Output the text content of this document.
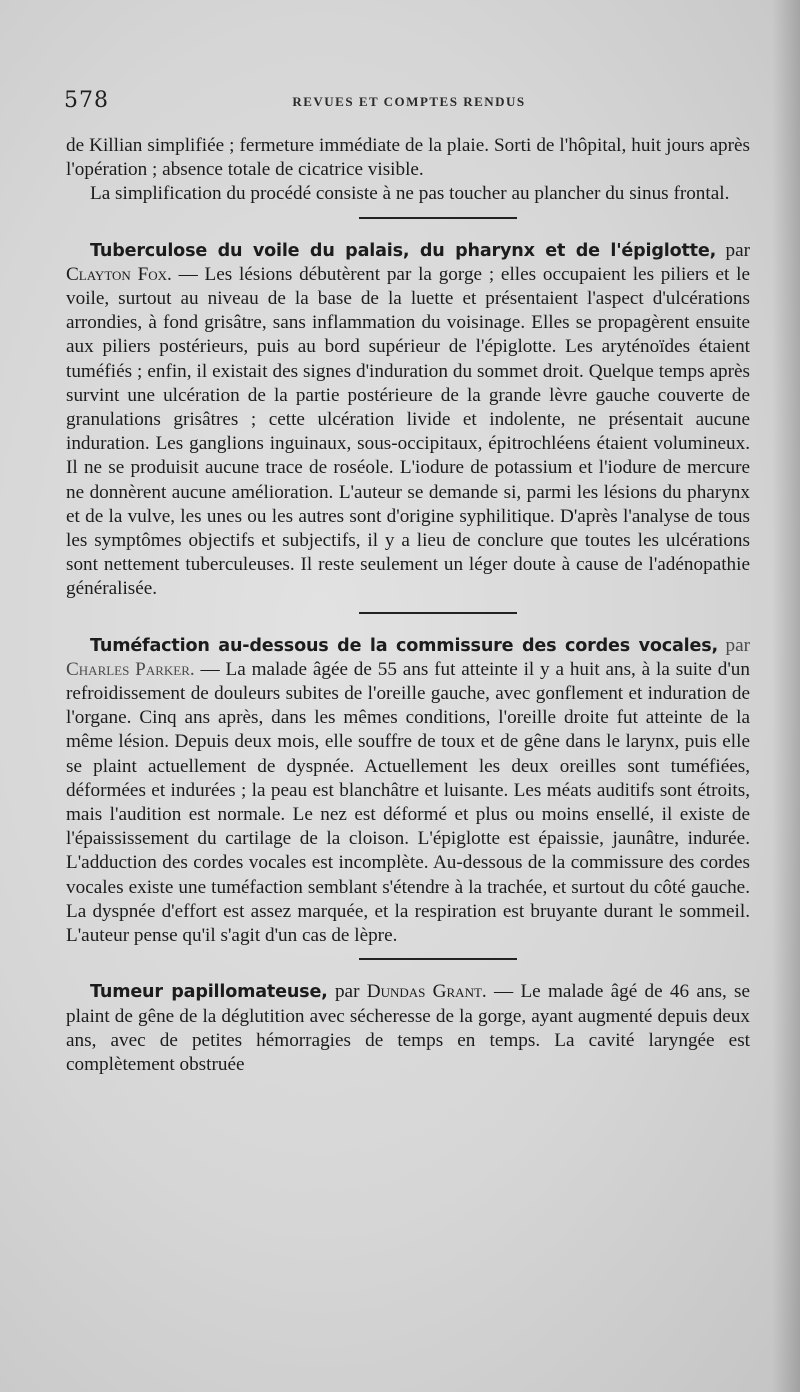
578	REVUES ET COMPTES RENDUS

de Killian simplifiée ; fermeture immédiate de la plaie. Sorti de l'hôpital, huit jours après l'opération ; absence totale de cicatrice visible.

La simplification du procédé consiste à ne pas toucher au plancher du sinus frontal.

Tuberculose du voile du palais, du pharynx et de l'épiglotte, par Clayton Fox. — Les lésions débutèrent par la gorge ; elles occupaient les piliers et le voile, surtout au niveau de la base de la luette et présentaient l'aspect d'ulcérations arrondies, à fond grisâtre, sans inflammation du voisinage. Elles se propagèrent ensuite aux piliers postérieurs, puis au bord supérieur de l'épiglotte. Les aryténoïdes étaient tuméfiés ; enfin, il existait des signes d'induration du sommet droit. Quelque temps après survint une ulcération de la partie postérieure de la grande lèvre gauche couverte de granulations grisâtres ; cette ulcération livide et indolente, ne présentait aucune induration. Les ganglions inguinaux, sous-occipitaux, épitrochléens étaient volumineux. Il ne se produisit aucune trace de roséole. L'iodure de potassium et l'iodure de mercure ne donnèrent aucune amélioration. L'auteur se demande si, parmi les lésions du pharynx et de la vulve, les unes ou les autres sont d'origine syphilitique. D'après l'analyse de tous les symptômes objectifs et subjectifs, il y a lieu de conclure que toutes les ulcérations sont nettement tuberculeuses. Il reste seulement un léger doute à cause de l'adénopathie généralisée.

Tuméfaction au-dessous de la commissure des cordes vocales, par Charles Parker. — La malade âgée de 55 ans fut atteinte il y a huit ans, à la suite d'un refroidissement de douleurs subites de l'oreille gauche, avec gonflement et induration de l'organe. Cinq ans après, dans les mêmes conditions, l'oreille droite fut atteinte de la même lésion. Depuis deux mois, elle souffre de toux et de gêne dans le larynx, puis elle se plaint actuellement de dyspnée. Actuellement les deux oreilles sont tuméfiées, déformées et indurées ; la peau est blanchâtre et luisante. Les méats auditifs sont étroits, mais l'audition est normale. Le nez est déformé et plus ou moins ensellé, il existe de l'épaississement du cartilage de la cloison. L'épiglotte est épaissie, jaunâtre, indurée. L'adduction des cordes vocales est incomplète. Au-dessous de la commissure des cordes vocales existe une tuméfaction semblant s'étendre à la trachée, et surtout du côté gauche. La dyspnée d'effort est assez marquée, et la respiration est bruyante durant le sommeil. L'auteur pense qu'il s'agit d'un cas de lèpre.

Tumeur papillomateuse, par Dundas Grant. — Le malade âgé de 46 ans, se plaint de gêne de la déglutition avec sécheresse de la gorge, ayant augmenté depuis deux ans, avec de petites hémorragies de temps en temps. La cavité laryngée est complètement obstruée
